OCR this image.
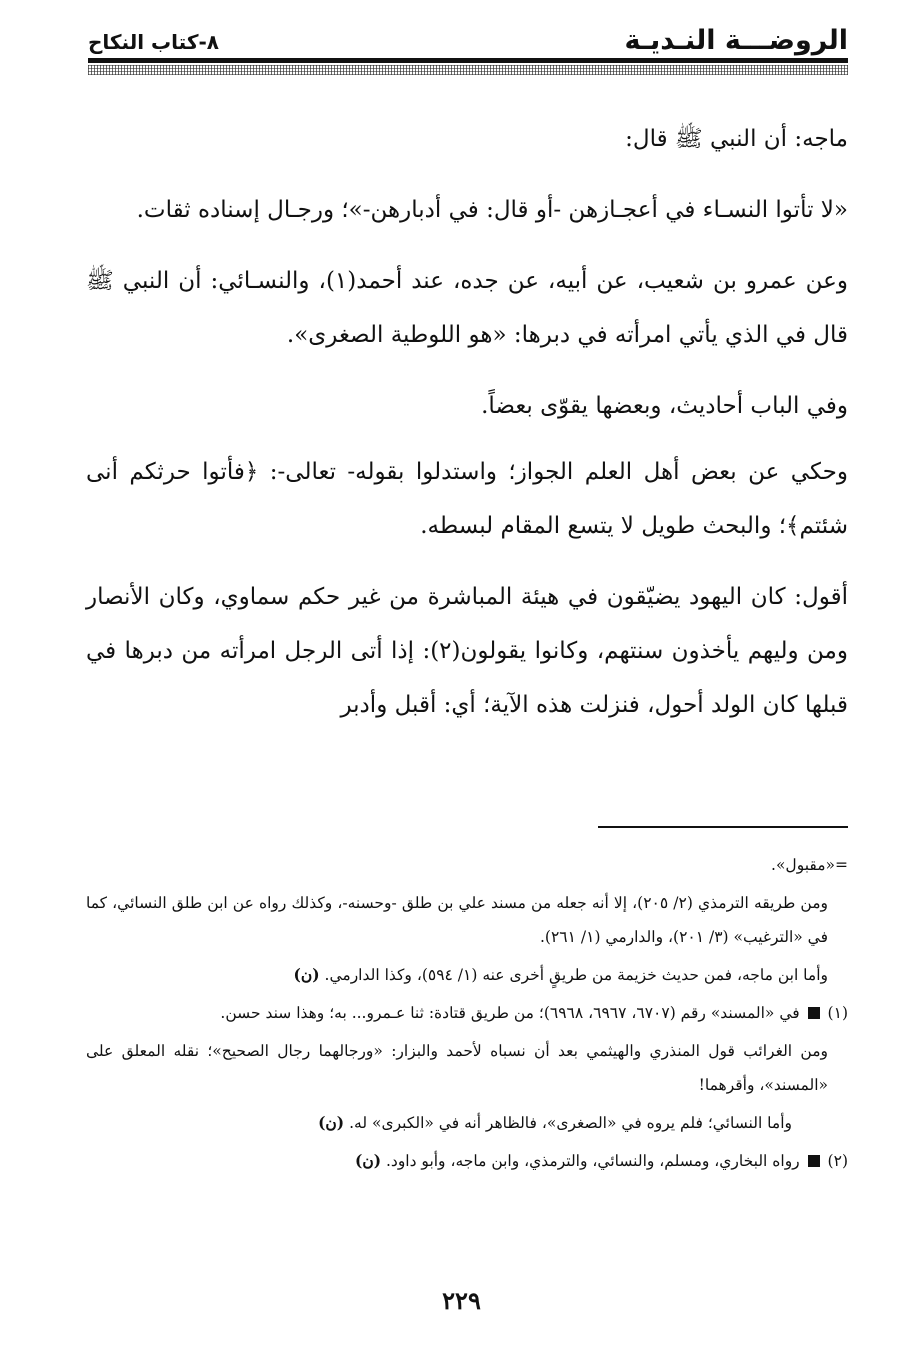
الروضـــة النـديـة
٨-كتاب النكاح

ماجه: أن النبي ﷺ قال:

«لا تأتوا النسـاء في أعجـازهن -أو قال: في أدبارهن-»؛ ورجـال إسناده ثقات.

وعن عمرو بن شعيب، عن أبيه، عن جده، عند أحمد(١)، والنسـائي: أن النبي ﷺ قال في الذي يأتي امرأته في دبرها: «هو اللوطية الصغرى».

وفي الباب أحاديث، وبعضها يقوّى بعضاً.

وحكي عن بعض أهل العلم الجواز؛ واستدلوا بقوله- تعالى-: ﴿فأتوا حرثكم أنى شئتم﴾؛ والبحث طويل لا يتسع المقام لبسطه.

أقول: كان اليهود يضيّقون في هيئة المباشرة من غير حكم سماوي، وكان الأنصار ومن وليهم يأخذون سنتهم، وكانوا يقولون(٢): إذا أتى الرجل امرأته من دبرها في قبلها كان الولد أحول، فنزلت هذه الآية؛ أي: أقبل وأدبر

=«مقبول».

ومن طريقه الترمذي (٢/ ٢٠٥)، إلا أنه جعله من مسند علي بن طلق -وحسنه-، وكذلك رواه عن ابن طلق النسائي، كما في «الترغيب» (٣/ ٢٠١)، والدارمي (١/ ٢٦١).

وأما ابن ماجه، فمن حديث خزيمة من طريقٍ أخرى عنه (١/ ٥٩٤)، وكذا الدارمي. (ن)

(١)  في «المسند» رقم (٦٧٠٧، ٦٩٦٧، ٦٩٦٨)؛ من طريق قتادة: ثنا عـمرو... به؛ وهذا سند حسن.

ومن الغرائب قول المنذري والهيثمي بعد أن نسباه لأحمد والبزار: «ورجالهما رجال الصحيح»؛ نقله المعلق على «المسند»، وأقرهما!

وأما النسائي؛ فلم يروه في «الصغرى»، فالظاهر أنه في «الكبرى» له. (ن)

(٢)  رواه البخاري، ومسلم، والنسائي، والترمذي، وابن ماجه، وأبو داود. (ن)

٢٢٩
